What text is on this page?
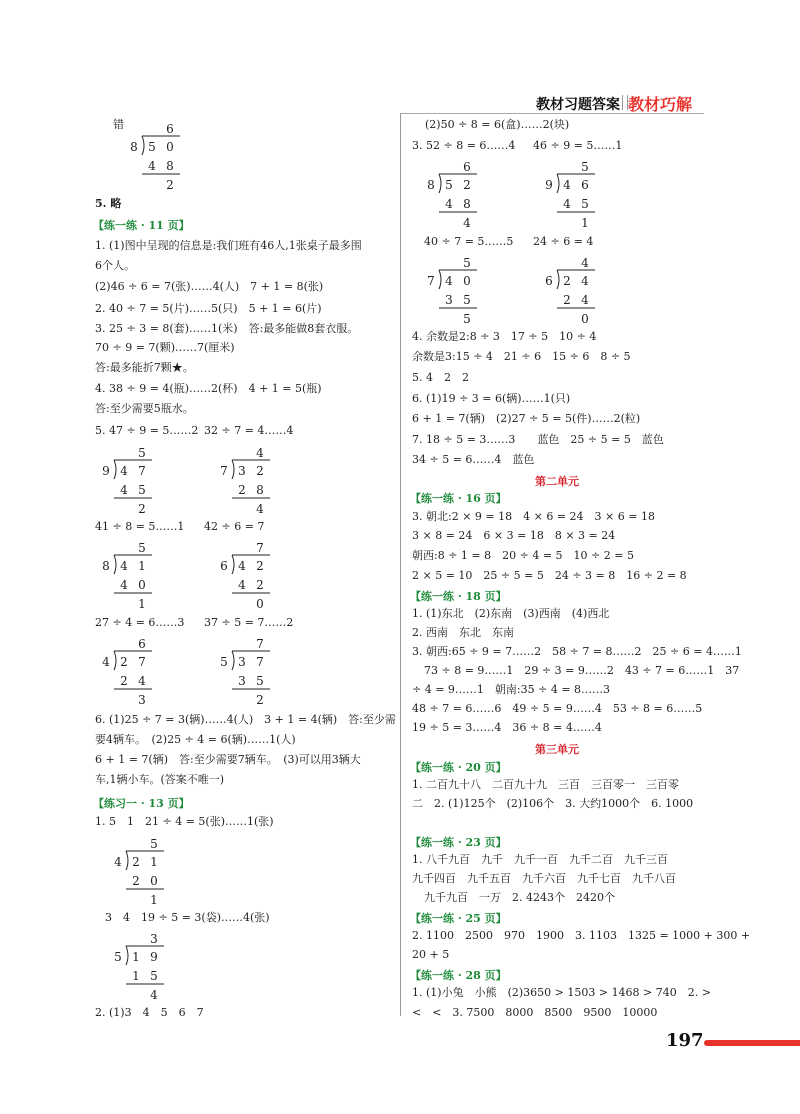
教材习题答案 教材巧解
错	6
8 5 0
4 8
2
5. 略
【练一练 · 11 页】
1. (1)图中呈现的信息是:我们班有46人,1张桌子最多围
6个人。
(2)46 ÷ 6 = 7(张)……4(人)　7 + 1 = 8(张)
2. 40 ÷ 7 = 5(片)……5(只)　5 + 1 = 6(片)
3. 25 ÷ 3 = 8(套)……1(米)　答:最多能做8套衣服。
70 ÷ 9 = 7(颗)……7(厘米)
答:最多能折7颗★。
4. 38 ÷ 9 = 4(瓶)……2(杯)　4 + 1 = 5(瓶)
答:至少需要5瓶水。
5. 47 ÷ 9 = 5……2 32 ÷ 7 = 4……4
5
9 4 7
4 5
2
4
7 3 2
2 8
4
41 ÷ 8 = 5……1 42 ÷ 6 = 7
5
8 4 1
4 0
1
7
6 4 2
4 2
0
27 ÷ 4 = 6……3 37 ÷ 5 = 7……2
6
4 2 7
2 4
3
7
5 3 7
3 5
2
6. (1)25 ÷ 7 = 3(辆)……4(人)　3 + 1 = 4(辆)　答:至少需
要4辆车。　(2)25 ÷ 4 = 6(辆)……1(人)
6 + 1 = 7(辆)　答:至少需要7辆车。　(3)可以用3辆大
车,1辆小车。(答案不唯一)
【练习一 · 13 页】
1. 5　1　21 ÷ 4 = 5(张)……1(张)
5
4 2 1
2 0
1
3　4　19 ÷ 5 = 3(袋)……4(张)
3
5 1 9
1 5
4
2. (1)3　4　5　6　7
(2)50 ÷ 8 = 6(盒)……2(块)
3. 52 ÷ 8 = 6……4 46 ÷ 9 = 5……1
6
8 5 2
4 8
4
5
9 4 6
4 5
1
40 ÷ 7 = 5……5 24 ÷ 6 = 4
5
7 4 0
3 5
5
4
6 2 4
2 4
0
4. 余数是2:8 ÷ 3　17 ÷ 5　10 ÷ 4
余数是3:15 ÷ 4　21 ÷ 6　15 ÷ 6　8 ÷ 5
5. 4　2　2
6. (1)19 ÷ 3 = 6(辆)……1(只)
6 + 1 = 7(辆)　(2)27 ÷ 5 = 5(件)……2(粒)
7. 18 ÷ 5 = 3……3　　蓝色　25 ÷ 5 = 5　蓝色
34 ÷ 5 = 6……4　蓝色
第二单元
【练一练 · 16 页】
3. 朝北:2 × 9 = 18　4 × 6 = 24　3 × 6 = 18
3 × 8 = 24　6 × 3 = 18　8 × 3 = 24
朝西:8 ÷ 1 = 8　20 ÷ 4 = 5　10 ÷ 2 = 5
2 × 5 = 10　25 ÷ 5 = 5　24 ÷ 3 = 8　16 ÷ 2 = 8
【练一练 · 18 页】
1. (1)东北　(2)东南　(3)西南　(4)西北
2. 西南　东北　东南
3. 朝西:65 ÷ 9 = 7……2　58 ÷ 7 = 8……2　25 ÷ 6 = 4……1
73 ÷ 8 = 9……1　29 ÷ 3 = 9……2　43 ÷ 7 = 6……1　37
÷ 4 = 9……1　朝南:35 ÷ 4 = 8……3
48 ÷ 7 = 6……6　49 ÷ 5 = 9……4　53 ÷ 8 = 6……5
19 ÷ 5 = 3……4　36 ÷ 8 = 4……4
第三单元
【练一练 · 20 页】
1. 二百九十八　二百九十九　三百　三百零一　三百零
二　2. (1)125个　(2)106个　3. 大约1000个　6. 1000
【练一练 · 23 页】
1. 八千九百　九千　九千一百　九千二百　九千三百
九千四百　九千五百　九千六百　九千七百　九千八百
九千九百　一万　2. 4243个　2420个
【练一练 · 25 页】
2. 1100　2500　970　1900　3. 1103　1325 = 1000 + 300 +
20 + 5
【练一练 · 28 页】
1. (1)小兔　小熊　(2)3650 > 1503 > 1468 > 740　2. >
<　<　3. 7500　8000　8500　9500　10000
197
